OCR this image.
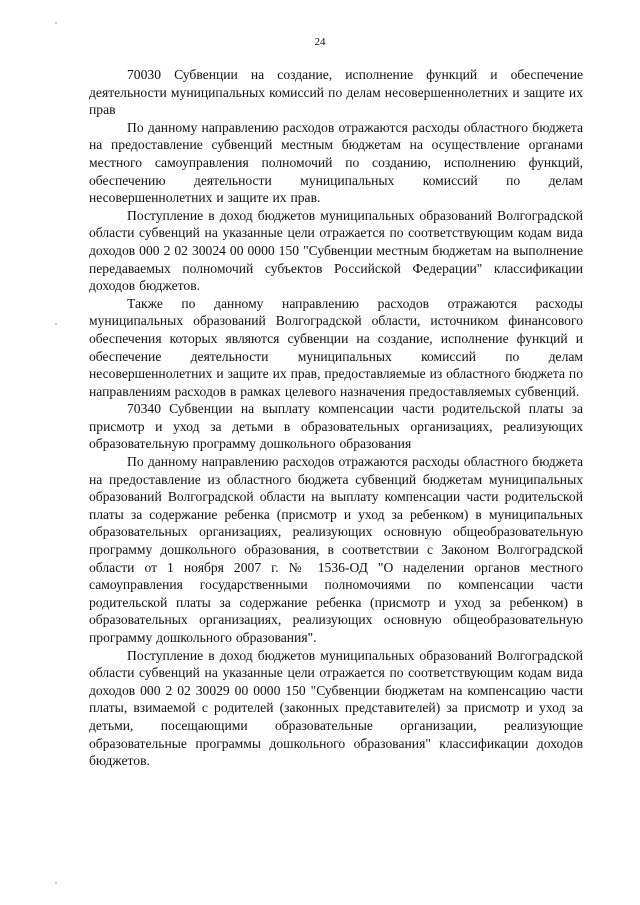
24

70030 Субвенции на создание, исполнение функций и обеспечение деятельности муниципальных комиссий по делам несовершеннолетних и защите их прав

По данному направлению расходов отражаются расходы областного бюджета на предоставление субвенций местным бюджетам на осуществление органами местного самоуправления полномочий по созданию, исполнению функций, обеспечению деятельности муниципальных комиссий по делам несовершеннолетних и защите их прав.

Поступление в доход бюджетов муниципальных образований Волгоградской области субвенций на указанные цели отражается по соответствующим кодам вида доходов 000 2 02 30024 00 0000 150 "Субвенции местным бюджетам на выполнение передаваемых полномочий субъектов Российской Федерации" классификации доходов бюджетов.

Также по данному направлению расходов отражаются расходы муниципальных образований Волгоградской области, источником финансового обеспечения которых являются субвенции на создание, исполнение функций и обеспечение деятельности муниципальных комиссий по делам несовершеннолетних и защите их прав, предоставляемые из областного бюджета по направлениям расходов в рамках целевого назначения предоставляемых субвенций.

70340 Субвенции на выплату компенсации части родительской платы за присмотр и уход за детьми в образовательных организациях, реализующих образовательную программу дошкольного образования

По данному направлению расходов отражаются расходы областного бюджета на предоставление из областного бюджета субвенций бюджетам муниципальных образований Волгоградской области на выплату компенсации части родительской платы за содержание ребенка (присмотр и уход за ребенком) в муниципальных образовательных организациях, реализующих основную общеобразовательную программу дошкольного образования, в соответствии с Законом Волгоградской области от 1 ноября 2007 г. № 1536-ОД "О наделении органов местного самоуправления государственными полномочиями по компенсации части родительской платы за содержание ребенка (присмотр и уход за ребенком) в образовательных организациях, реализующих основную общеобразовательную программу дошкольного образования".

Поступление в доход бюджетов муниципальных образований Волгоградской области субвенций на указанные цели отражается по соответствующим кодам вида доходов 000 2 02 30029 00 0000 150 "Субвенции бюджетам на компенсацию части платы, взимаемой с родителей (законных представителей) за присмотр и уход за детьми, посещающими образовательные организации, реализующие образовательные программы дошкольного образования" классификации доходов бюджетов.
